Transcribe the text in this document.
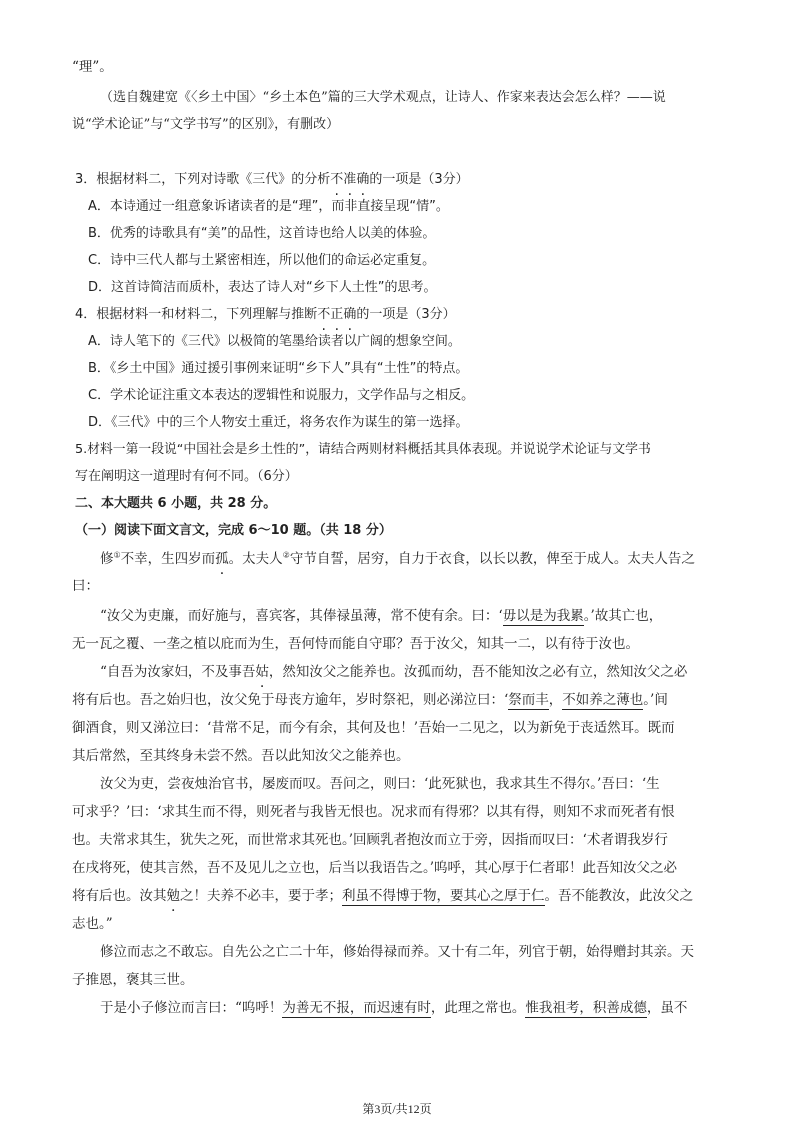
“理”。
（选自魏建宽《〈乡土中国〉“乡土本色”篇的三大学术观点，让诗人、作家来表达会怎么样？——说
说“学术论证”与“文学书写”的区别》，有删改）
3．根据材料二，下列对诗歌《三代》的分析不准确的一项是（3分）
A．本诗通过一组意象诉诸读者的是“理”，而非直接呈现“情”。
B．优秀的诗歌具有“美”的品性，这首诗也给人以美的体验。
C．诗中三代人都与土紧密相连，所以他们的命运必定重复。
D．这首诗简洁而质朴，表达了诗人对“乡下人土性”的思考。
4．根据材料一和材料二，下列理解与推断不正确的一项是（3分）
A．诗人笔下的《三代》以极简的笔墨给读者以广阔的想象空间。
B．《乡土中国》通过援引事例来证明“乡下人”具有“土性”的特点。
C．学术论证注重文本表达的逻辑性和说服力，文学作品与之相反。
D．《三代》中的三个人物安土重迁，将务农作为谋生的第一选择。
5.材料一第一段说“中国社会是乡土性的”，请结合两则材料概括其具体表现。并说说学术论证与文学书
写在阐明这一道理时有何不同。（6分）
二、本大题共 6 小题，共 28 分。
（一）阅读下面文言文，完成 6～10 题。（共 18 分）
修①不幸，生四岁而孤。太夫人②守节自誓，居穷，自力于衣食，以长以教，俾至于成人。太夫人告之
曰：
“汝父为吏廉，而好施与，喜宾客，其俸禄虽薄，常不使有余。曰：‘毋以是为我累。’故其亡也，
无一瓦之覆、一垄之植以庇而为生，吾何恃而能自守耶？吾于汝父，知其一二，以有待于汝也。
“自吾为汝家妇，不及事吾姑，然知汝父之能养也。汝孤而幼，吾不能知汝之必有立，然知汝父之必
将有后也。吾之始归也，汝父免于母丧方逾年，岁时祭祀，则必涕泣曰：‘祭而丰，不如养之薄也。’间
御酒食，则又涕泣曰：‘昔常不足，而今有余，其何及也！’吾始一二见之，以为新免于丧适然耳。既而
其后常然，至其终身未尝不然。吾以此知汝父之能养也。
汝父为吏，尝夜烛治官书，屡废而叹。吾问之，则曰：‘此死狱也，我求其生不得尔。’吾曰：‘生
可求乎？’曰：‘求其生而不得，则死者与我皆无恨也。况求而有得邪？以其有得，则知不求而死者有恨
也。夫常求其生，犹失之死，而世常求其死也。’回顾乳者抱汝而立于旁，因指而叹曰：‘术者谓我岁行
在戌将死，使其言然，吾不及见儿之立也，后当以我语告之。’呜呼，其心厚于仁者耶！此吾知汝父之必
将有后也。汝其勉之！夫养不必丰，要于孝；利虽不得博于物，要其心之厚于仁。吾不能教汝，此汝父之
志也。”
修泣而志之不敢忘。自先公之亡二十年，修始得禄而养。又十有二年，列官于朝，始得赠封其亲。天
子推恩，褒其三世。
于是小子修泣而言曰：“呜呼！为善无不报，而迟速有时，此理之常也。惟我祖考，积善成德，虽不
第3页/共12页
